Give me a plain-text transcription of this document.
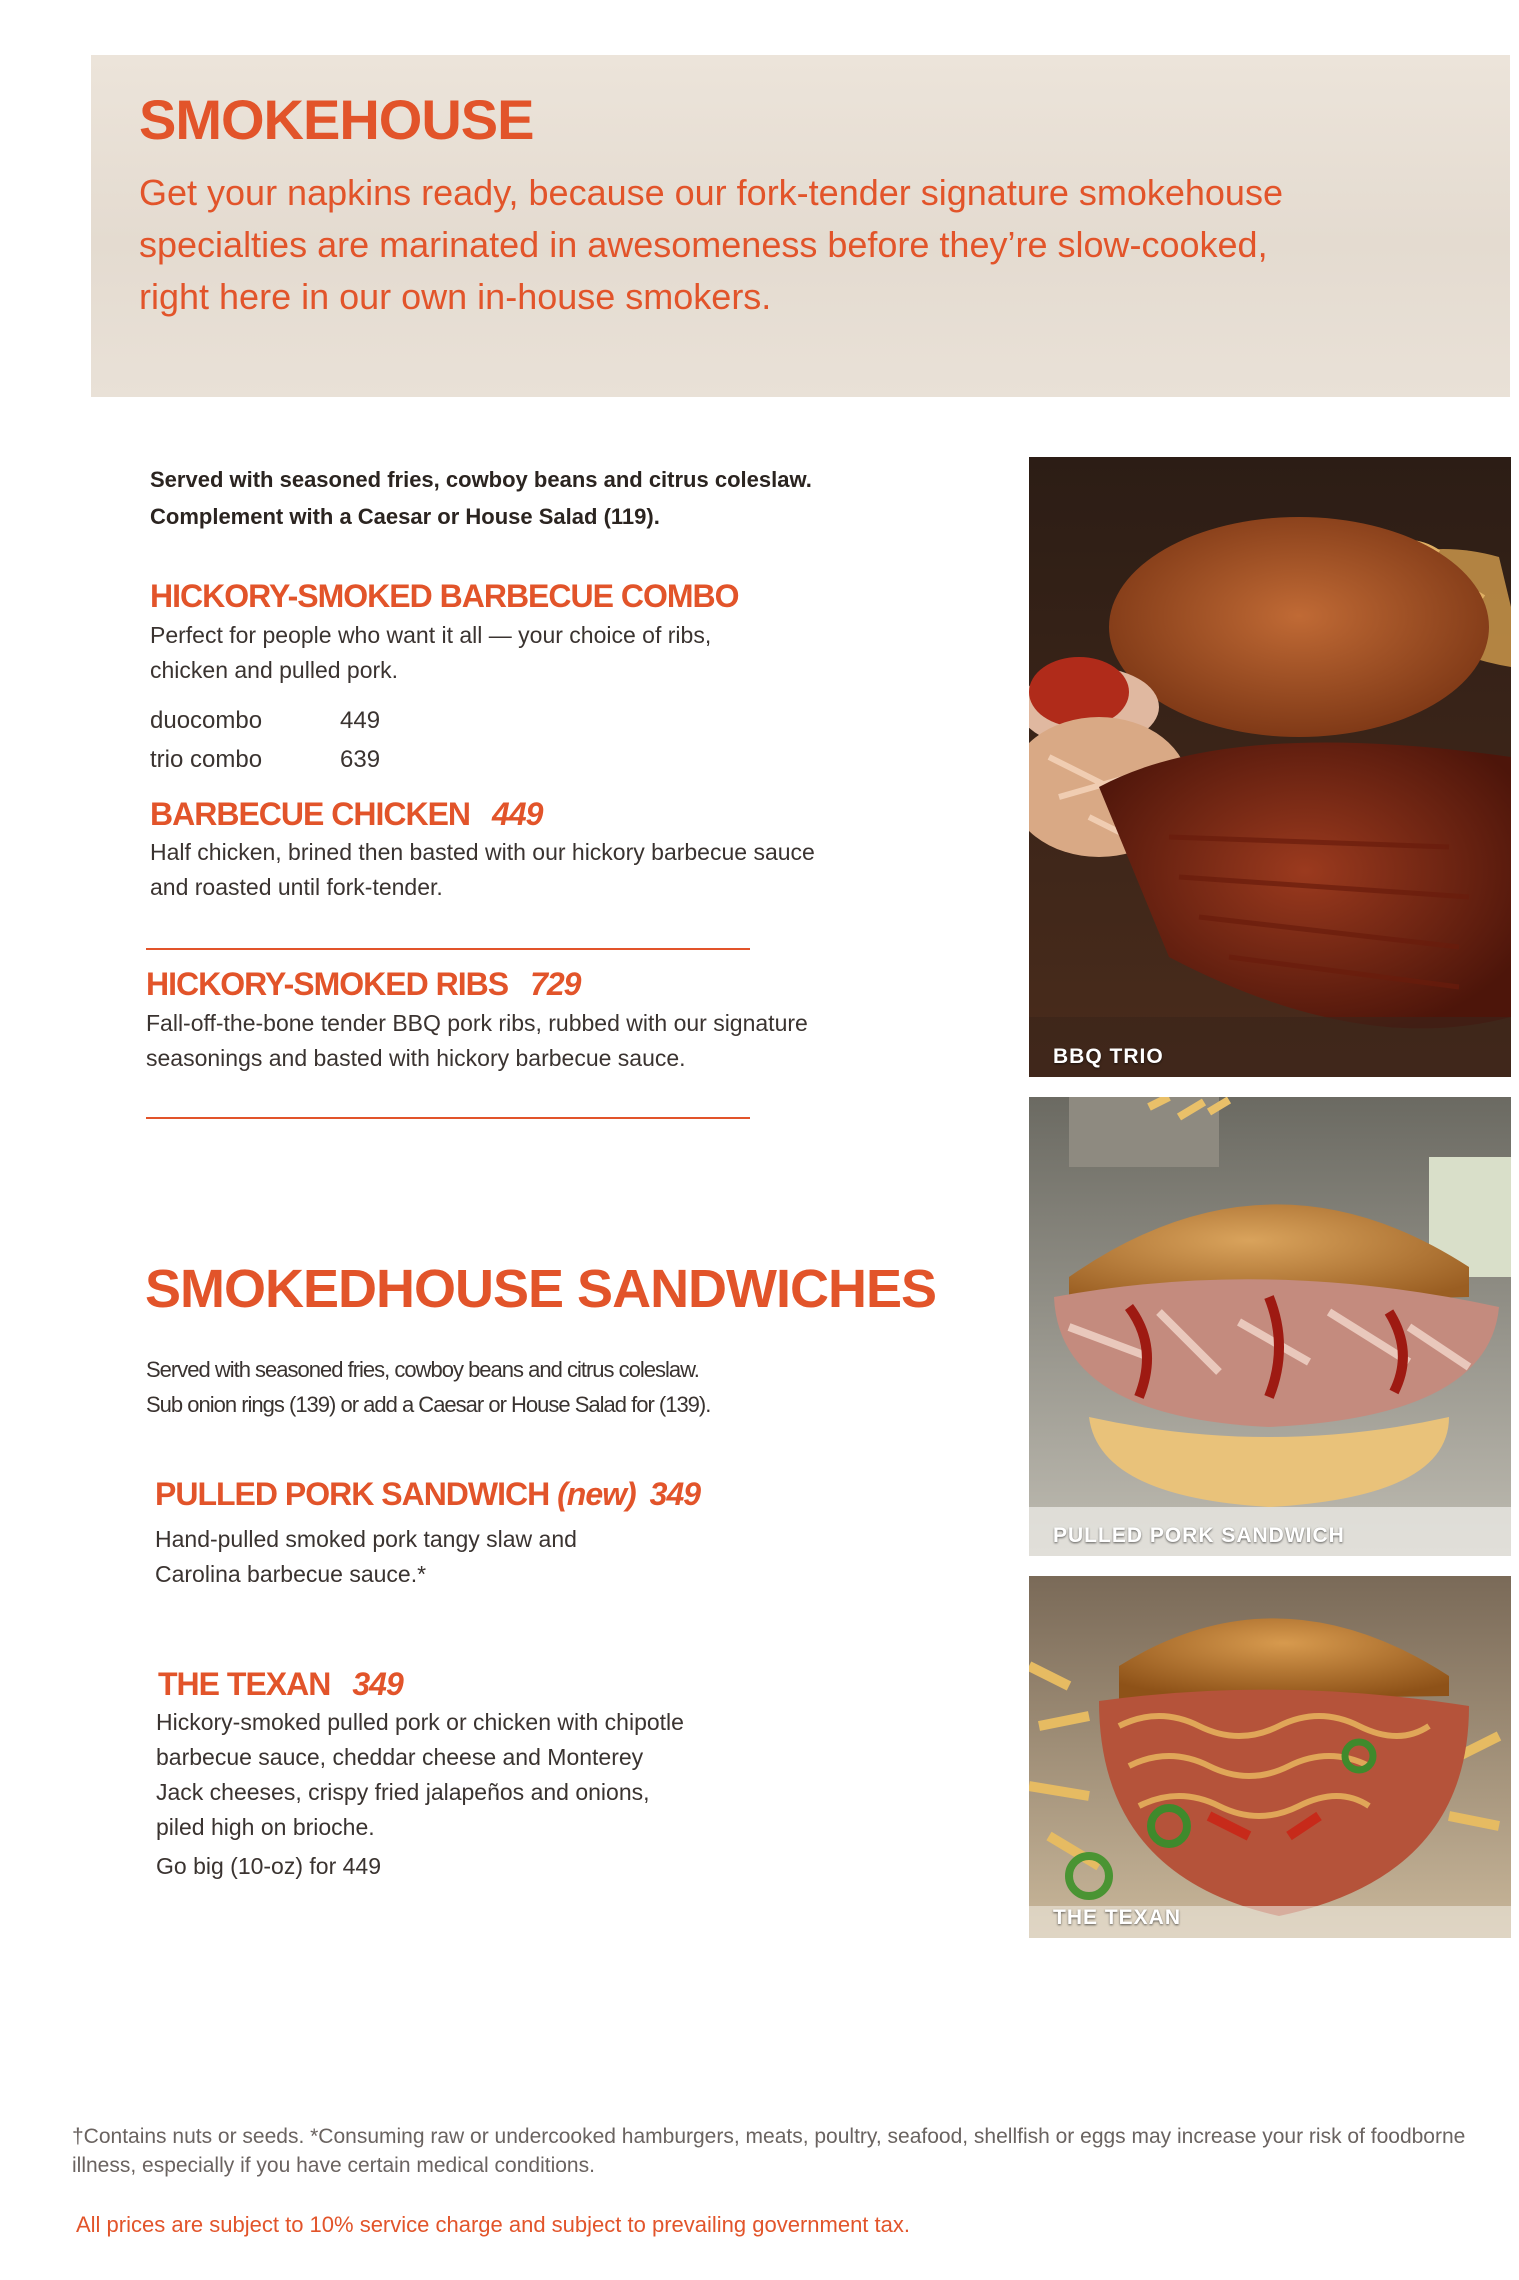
SMOKEHOUSE
Get your napkins ready, because our fork-tender signature smokehouse specialties are marinated in awesomeness before they’re slow-cooked, right here in our own in-house smokers.
Served with seasoned fries, cowboy beans and citrus coleslaw.
Complement with a Caesar or House Salad (119).
HICKORY-SMOKED BARBECUE COMBO
Perfect for people who want it all — your choice of ribs, chicken and pulled pork.
duocombo	449
trio combo	639
BARBECUE CHICKEN 449
Half chicken, brined then basted with our hickory barbecue sauce and roasted until fork-tender.
HICKORY-SMOKED RIBS 729
Fall-off-the-bone tender BBQ pork ribs, rubbed with our signature seasonings and basted with hickory barbecue sauce.
SMOKEDHOUSE SANDWICHES
Served with seasoned fries, cowboy beans and citrus coleslaw.
Sub onion rings (139) or add a Caesar or House Salad for (139).
PULLED PORK SANDWICH (new) 349
Hand-pulled smoked pork tangy slaw and Carolina barbecue sauce.*
THE TEXAN 349
Hickory-smoked pulled pork or chicken with chipotle barbecue sauce, cheddar cheese and Monterey Jack cheeses, crispy fried jalapeños and onions, piled high on brioche.
Go big (10-oz) for 449
BBQ TRIO
PULLED PORK SANDWICH
THE TEXAN
†Contains nuts or seeds. *Consuming raw or undercooked hamburgers, meats, poultry, seafood, shellfish or eggs may increase your risk of foodborne illness, especially if you have certain medical conditions.
All prices are subject to 10% service charge and subject to prevailing government tax.
